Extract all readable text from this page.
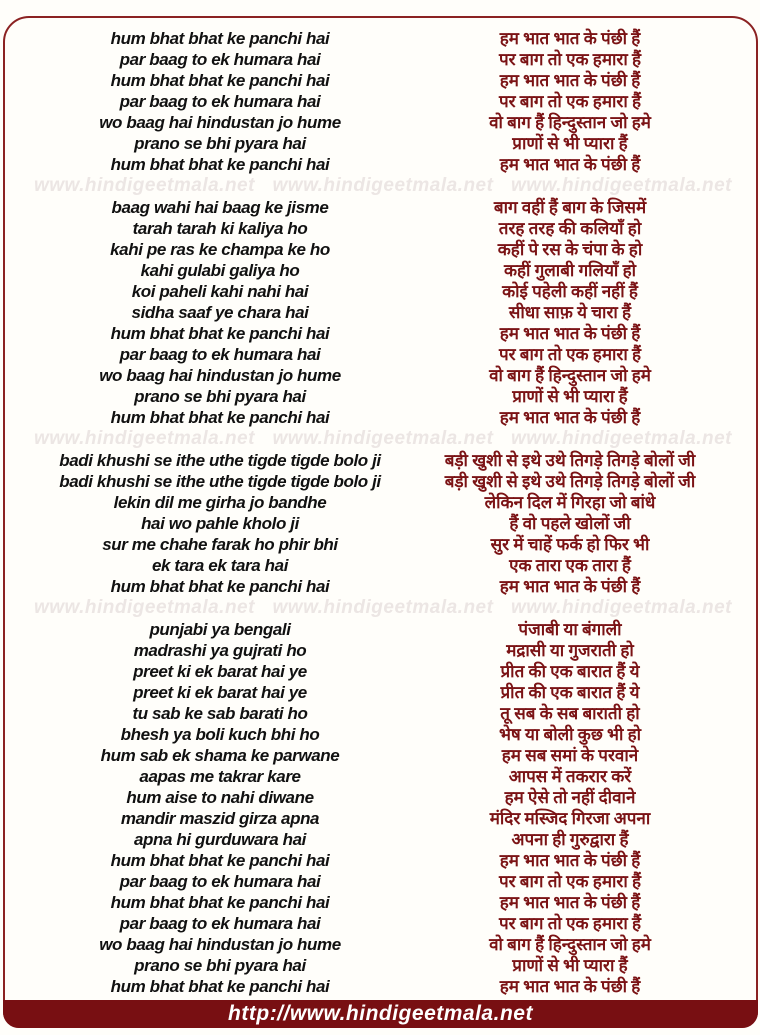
hum bhat bhat ke panchi hai
par baag to ek humara hai
hum bhat bhat ke panchi hai
par baag to ek humara hai
wo baag hai hindustan jo hume
prano se bhi pyara hai
hum bhat bhat ke panchi hai
हम भात भात के पंछी हैं
पर बाग तो एक हमारा हैं
हम भात भात के पंछी हैं
पर बाग तो एक हमारा हैं
वो बाग हैं हिन्दुस्तान जो हमे
प्राणों से भी प्यारा हैं
हम भात भात के पंछी हैं
www.hindigeetmala.net www.hindigeetmala.net www.hindigeetmala.net
baag wahi hai baag ke jisme
tarah tarah ki kaliya ho
kahi pe ras ke champa ke ho
kahi gulabi galiya ho
koi paheli kahi nahi hai
sidha saaf ye chara hai
hum bhat bhat ke panchi hai
par baag to ek humara hai
wo baag hai hindustan jo hume
prano se bhi pyara hai
hum bhat bhat ke panchi hai
बाग वहीं हैं बाग के जिसमें
तरह तरह की कलियाँ हो
कहीं पे रस के चंपा के हो
कहीं गुलाबी गलियाँ हो
कोई पहेली कहीं नहीं हैं
सीधा साफ़ ये चारा हैं
हम भात भात के पंछी हैं
पर बाग तो एक हमारा हैं
वो बाग हैं हिन्दुस्तान जो हमे
प्राणों से भी प्यारा हैं
हम भात भात के पंछी हैं
www.hindigeetmala.net www.hindigeetmala.net www.hindigeetmala.net
badi khushi se ithe uthe tigde tigde bolo ji
badi khushi se ithe uthe tigde tigde bolo ji
lekin dil me girha jo bandhe
hai wo pahle kholo ji
sur me chahe farak ho phir bhi
ek tara ek tara hai
hum bhat bhat ke panchi hai
बड़ी खुशी से इथे उथे तिगड़े तिगड़े बोलों जी
बड़ी खुशी से इथे उथे तिगड़े तिगड़े बोलों जी
लेकिन दिल में गिरहा जो बांधे
हैं वो पहले खोलों जी
सुर में चाहें फर्क हो फिर भी
एक तारा एक तारा हैं
हम भात भात के पंछी हैं
www.hindigeetmala.net www.hindigeetmala.net www.hindigeetmala.net
punjabi ya bengali
madrashi ya gujrati ho
preet ki ek barat hai ye
preet ki ek barat hai ye
tu sab ke sab barati ho
bhesh ya boli kuch bhi ho
hum sab ek shama ke parwane
aapas me takrar kare
hum aise to nahi diwane
mandir maszid girza apna
apna hi gurduwara hai
hum bhat bhat ke panchi hai
par baag to ek humara hai
hum bhat bhat ke panchi hai
par baag to ek humara hai
wo baag hai hindustan jo hume
prano se bhi pyara hai
hum bhat bhat ke panchi hai
पंजाबी या बंगाली
मद्रासी या गुजराती हो
प्रीत की एक बारात हैं ये
प्रीत की एक बारात हैं ये
तू सब के सब बाराती हो
भेष या बोली कुछ भी हो
हम सब समां के परवाने
आपस में तकरार करें
हम ऐसे तो नहीं दीवाने
मंदिर मस्जिद गिरजा अपना
अपना ही गुरुद्वारा हैं
हम भात भात के पंछी हैं
पर बाग तो एक हमारा हैं
हम भात भात के पंछी हैं
पर बाग तो एक हमारा हैं
वो बाग हैं हिन्दुस्तान जो हमे
प्राणों से भी प्यारा हैं
हम भात भात के पंछी हैं
http://www.hindigeetmala.net
